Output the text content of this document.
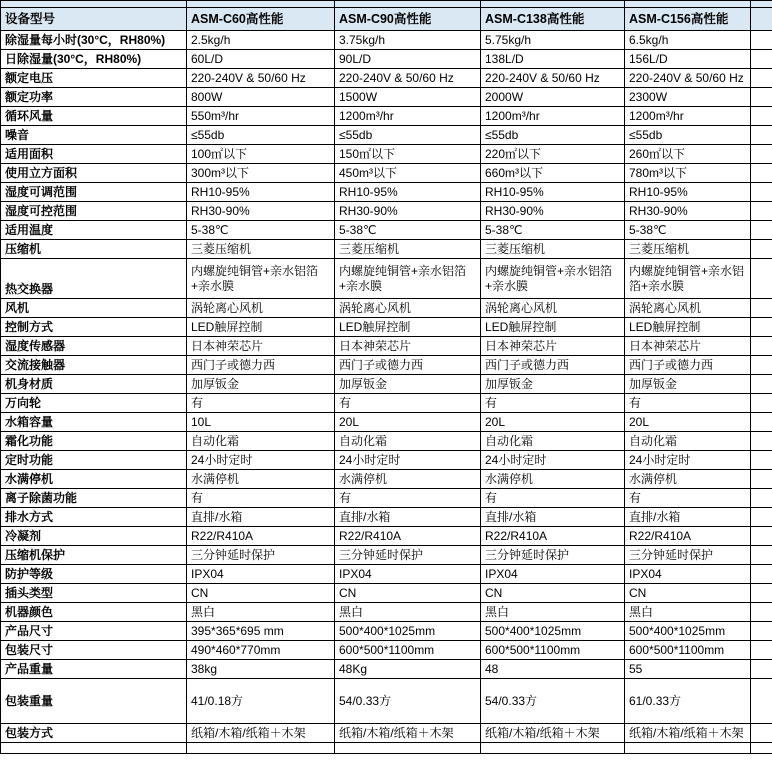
设备型号	ASM-C60高性能	ASM-C90高性能	ASM-C138高性能	ASM-C156高性能	
除湿量每小时(30°C，RH80%)	2.5kg/h	3.75kg/h	5.75kg/h	6.5kg/h	
日除湿量(30°C，RH80%)	60L/D	90L/D	138L/D	156L/D	
额定电压	220-240V & 50/60 Hz	220-240V & 50/60 Hz	220-240V & 50/60 Hz	220-240V & 50/60 Hz	
额定功率	800W	1500W	2000W	2300W	
循环风量	550m³/hr	1200m³/hr	1200m³/hr	1200m³/hr	
噪音	≤55db	≤55db	≤55db	≤55db	
适用面积	100㎡以下	150㎡以下	220㎡以下	260㎡以下	
使用立方面积	300m³以下	450m³以下	660m³以下	780m³以下	
湿度可调范围	RH10-95%	RH10-95%	RH10-95%	RH10-95%	
湿度可控范围	RH30-90%	RH30-90%	RH30-90%	RH30-90%	
适用温度	5-38℃	5-38℃	5-38℃	5-38℃	
压缩机	三菱压缩机	三菱压缩机	三菱压缩机	三菱压缩机	
热交换器	内螺旋纯铜管+亲水铝箔+亲水膜	内螺旋纯铜管+亲水铝箔+亲水膜	内螺旋纯铜管+亲水铝箔+亲水膜	内螺旋纯铜管+亲水铝箔+亲水膜	
风机	涡轮离心风机	涡轮离心风机	涡轮离心风机	涡轮离心风机	
控制方式	LED触屏控制	LED触屏控制	LED触屏控制	LED触屏控制	
湿度传感器	日本神荣芯片	日本神荣芯片	日本神荣芯片	日本神荣芯片	
交流接触器	西门子或德力西	西门子或德力西	西门子或德力西	西门子或德力西	
机身材质	加厚钣金	加厚钣金	加厚钣金	加厚钣金	
万向轮	有	有	有	有	
水箱容量	10L	20L	20L	20L	
霜化功能	自动化霜	自动化霜	自动化霜	自动化霜	
定时功能	24小时定时	24小时定时	24小时定时	24小时定时	
水满停机	水满停机	水满停机	水满停机	水满停机	
离子除菌功能	有	有	有	有	
排水方式	直排/水箱	直排/水箱	直排/水箱	直排/水箱	
冷凝剂	R22/R410A	R22/R410A	R22/R410A	R22/R410A	
压缩机保护	三分钟延时保护	三分钟延时保护	三分钟延时保护	三分钟延时保护	
防护等级	IPX04	IPX04	IPX04	IPX04	
插头类型	CN	CN	CN	CN	
机器颜色	黑白	黑白	黑白	黑白	
产品尺寸	395*365*695 mm	500*400*1025mm	500*400*1025mm	500*400*1025mm	
包装尺寸	490*460*770mm	600*500*1100mm	600*500*1100mm	600*500*1100mm	
产品重量	38kg	48Kg	48	55	
包装重量	41/0.18方	54/0.33方	54/0.33方	61/0.33方	
包装方式	纸箱/木箱/纸箱＋木架	纸箱/木箱/纸箱＋木架	纸箱/木箱/纸箱＋木架	纸箱/木箱/纸箱＋木架	
